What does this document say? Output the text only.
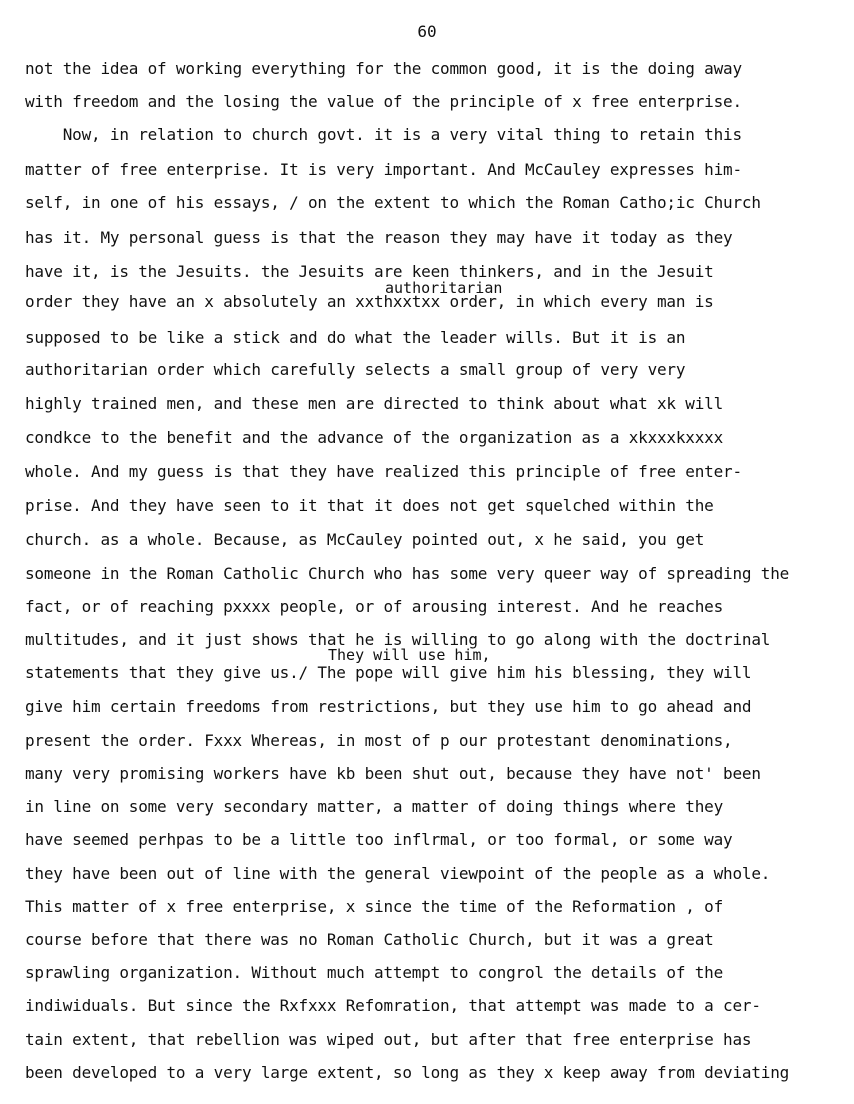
60
authoritarian
They will use him,
not the idea of working everything for the common good, it is the doing away
with freedom and the losing the value of the principle of x free enterprise.
Now, in relation to church govt. it is a very vital thing to retain this
matter of free enterprise. It is very important. And McCauley expresses him-
self, in one of his essays, / on the extent to which the Roman Catho;ic Church
has it. My personal guess is that the reason they may have it today as they
have it, is the Jesuits. the Jesuits are keen thinkers, and in the Jesuit
order they have an x absolutely an xxthxxtxx order, in which every man is
supposed to be like a stick and do what the leader wills. But it is an
authoritarian order which carefully selects a small group of very very
highly trained men, and these men are directed to think about what xk will
condkce to the benefit and the advance of the organization as a xkxxxkxxxx
whole. And my guess is that they have realized this principle of free enter-
prise. And they have seen to it that it does not get squelched within the
church. as a whole. Because, as McCauley pointed out, x he said, you get
someone in the Roman Catholic Church who has some very queer way of spreading the
fact, or of reaching pxxxx people, or of arousing interest. And he reaches
multitudes, and it just shows that he is willing to go along with the doctrinal
statements that they give us./ The pope will give him his blessing, they will
give him certain freedoms from restrictions, but they use him to go ahead and
present the order. Fxxx Whereas, in most of p our protestant denominations,
many very promising workers have kb been shut out, because they have not' been
in line on some very secondary matter, a matter of doing things where they
have seemed perhpas to be a little too inflrmal, or too formal, or some way
they have been out of line with the general viewpoint of the people as a whole.
This matter of x free enterprise, x since the time of the Reformation , of
course before that there was no Roman Catholic Church, but it was a great
sprawling organization. Without much attempt to congrol the details of the
indiwiduals. But since the Rxfxxx Refomration, that attempt was made to a cer-
tain extent, that rebellion was wiped out, but after that free enterprise has
been developed to a very large extent, so long as they x keep away from deviating
